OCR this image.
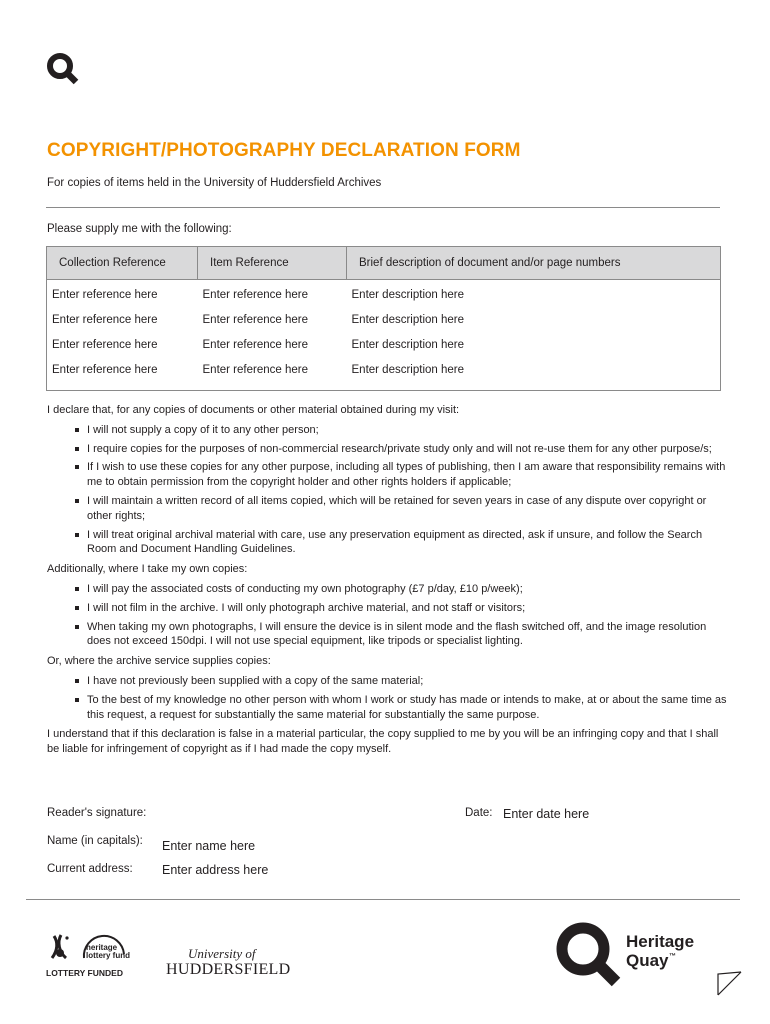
COPYRIGHT/PHOTOGRAPHY DECLARATION FORM
For copies of items held in the University of Huddersfield Archives
Please supply me with the following:
Collection Reference	Item Reference	Brief description of document and/or page numbers
Enter reference here	Enter reference here	Enter description here
Enter reference here	Enter reference here	Enter description here
Enter reference here	Enter reference here	Enter description here
Enter reference here	Enter reference here	Enter description here

I declare that, for any copies of documents or other material obtained during my visit:

I will not supply a copy of it to any other person;
I require copies for the purposes of non-commercial research/private study only and will not re-use them for any other purpose/s;
If I wish to use these copies for any other purpose, including all types of publishing, then I am aware that responsibility remains with me to obtain permission from the copyright holder and other rights holders if applicable;
I will maintain a written record of all items copied, which will be retained for seven years in case of any dispute over copyright or other rights;
I will treat original archival material with care, use any preservation equipment as directed, ask if unsure, and follow the Search Room and Document Handling Guidelines.

Additionally, where I take my own copies:

I will pay the associated costs of conducting my own photography (£7 p/day, £10 p/week);
I will not film in the archive. I will only photograph archive material, and not staff or visitors;
When taking my own photographs, I will ensure the device is in silent mode and the flash switched off, and the image resolution does not exceed 150dpi. I will not use special equipment, like tripods or specialist lighting.

Or, where the archive service supplies copies:

I have not previously been supplied with a copy of the same material;
To the best of my knowledge no other person with whom I work or study has made or intends to make, at or about the same time as this request, a request for substantially the same material for substantially the same purpose.

I understand that if this declaration is false in a material particular, the copy supplied to me by you will be an infringing copy and that I shall be liable for infringement of copyright as if I had made the copy myself.

Reader's signature:	Date: Enter date here
Name (in capitals): Enter name here
Current address: Enter address here
heritage
lottery fund
LOTTERY FUNDED
University of
HUDDERSFIELD
Heritage
Quay ™
